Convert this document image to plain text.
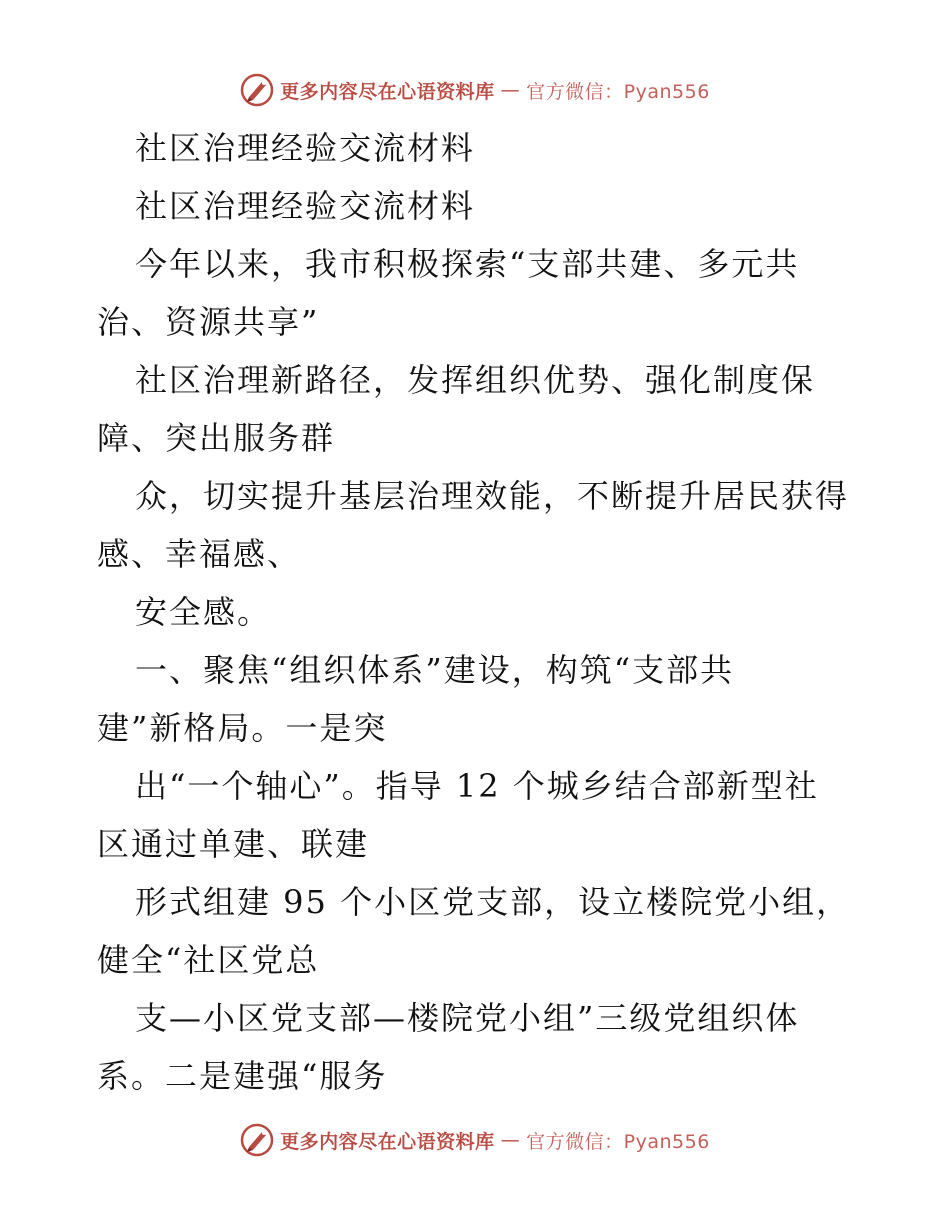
更多内容尽在心语资料库 — 官方微信：Pyan556
社区治理经验交流材料
社区治理经验交流材料
今年以来，我市积极探索“支部共建、多元共
治、资源共享”
社区治理新路径，发挥组织优势、强化制度保
障、突出服务群
众，切实提升基层治理效能，不断提升居民获得
感、幸福感、
安全感。
一、聚焦“组织体系”建设，构筑“支部共
建”新格局。一是突
出“一个轴心”。指导 12 个城乡结合部新型社
区通过单建、联建
形式组建 95 个小区党支部，设立楼院党小组，
健全“社区党总
支—小区党支部—楼院党小组”三级党组织体
系。二是建强“服务
更多内容尽在心语资料库 — 官方微信：Pyan556
